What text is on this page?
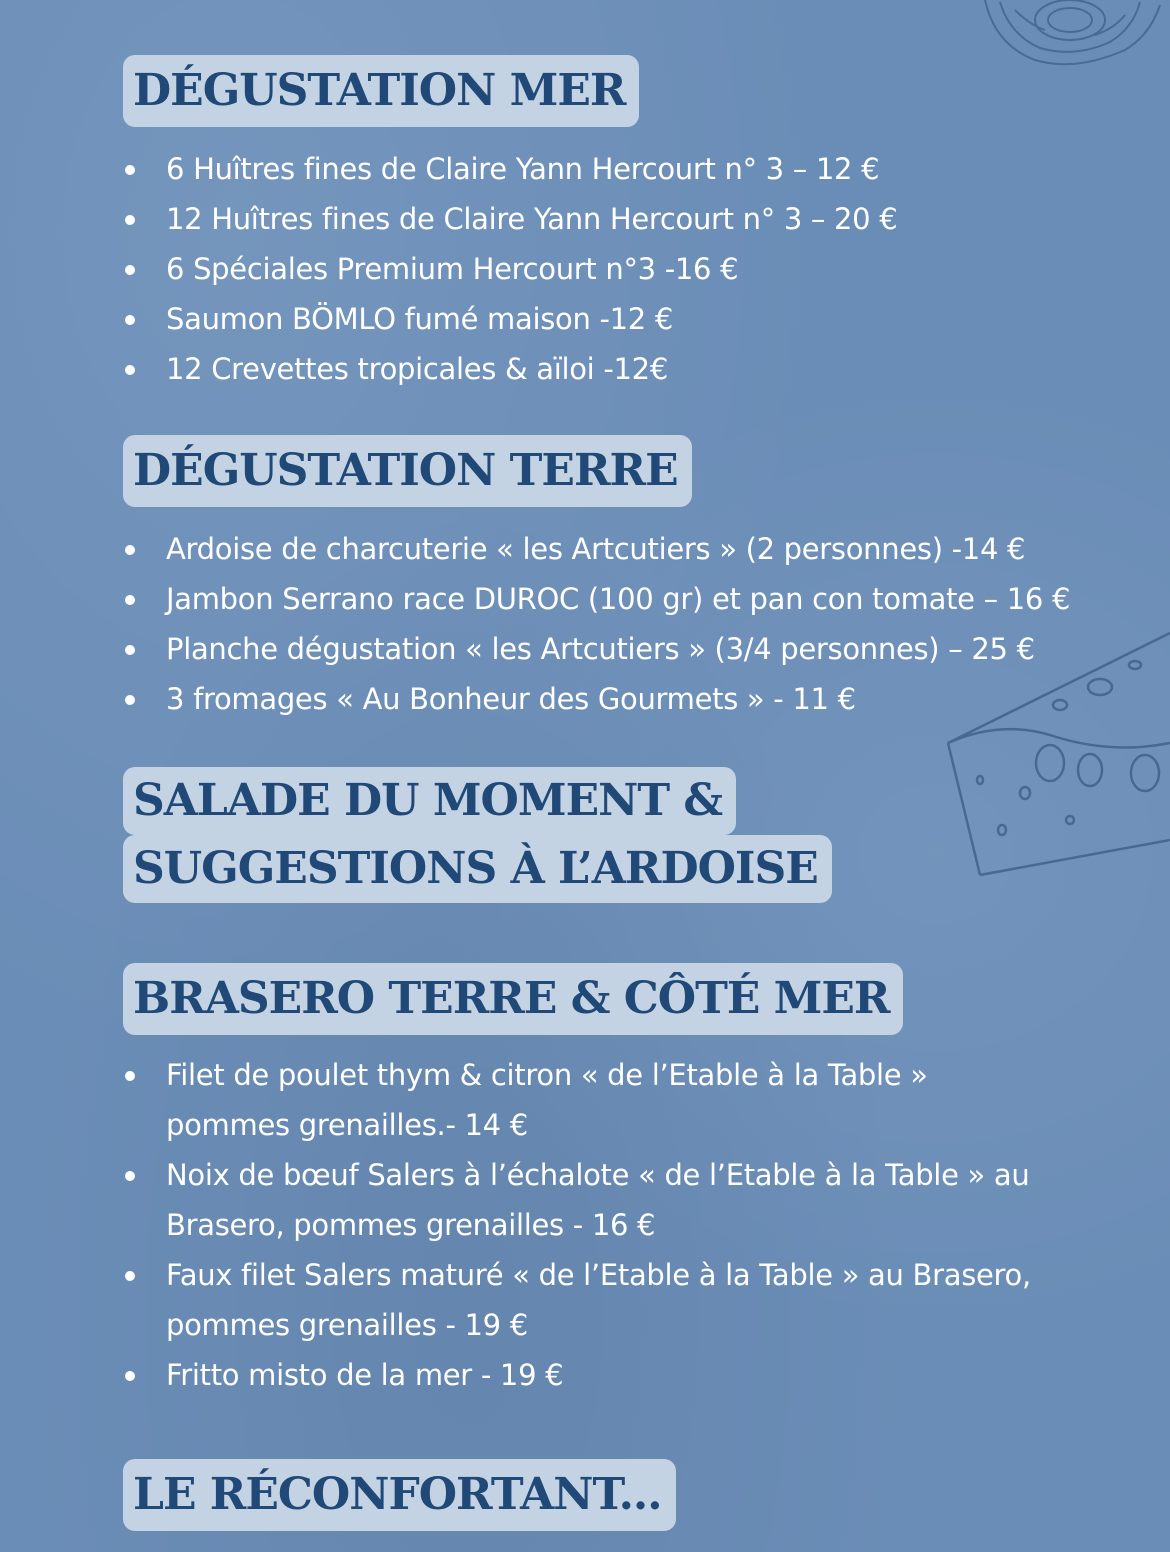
DÉGUSTATION MER
6 Huîtres fines de Claire Yann Hercourt n° 3 – 12 €
12 Huîtres fines de Claire Yann Hercourt n° 3 – 20 €
6 Spéciales Premium Hercourt n°3 -16 €
Saumon BÖMLO fumé maison -12 €
12 Crevettes tropicales & aïloi -12€
DÉGUSTATION TERRE
Ardoise de charcuterie « les Artcutiers » (2 personnes) -14 €
Jambon Serrano race DUROC (100 gr) et pan con tomate – 16 €
Planche dégustation « les Artcutiers » (3/4 personnes) – 25 €
3 fromages « Au Bonheur des Gourmets » - 11 €
SALADE DU MOMENT &
SUGGESTIONS À L’ARDOISE
BRASERO TERRE & CÔTÉ MER
Filet de poulet thym & citron « de l’Etable à la Table » pommes grenailles.- 14 €
Noix de bœuf Salers à l’échalote « de l’Etable à la Table » au Brasero, pommes grenailles - 16 €
Faux filet Salers maturé « de l’Etable à la Table » au Brasero, pommes grenailles - 19 €
Fritto misto de la mer - 19 €
LE RÉCONFORTANT...
